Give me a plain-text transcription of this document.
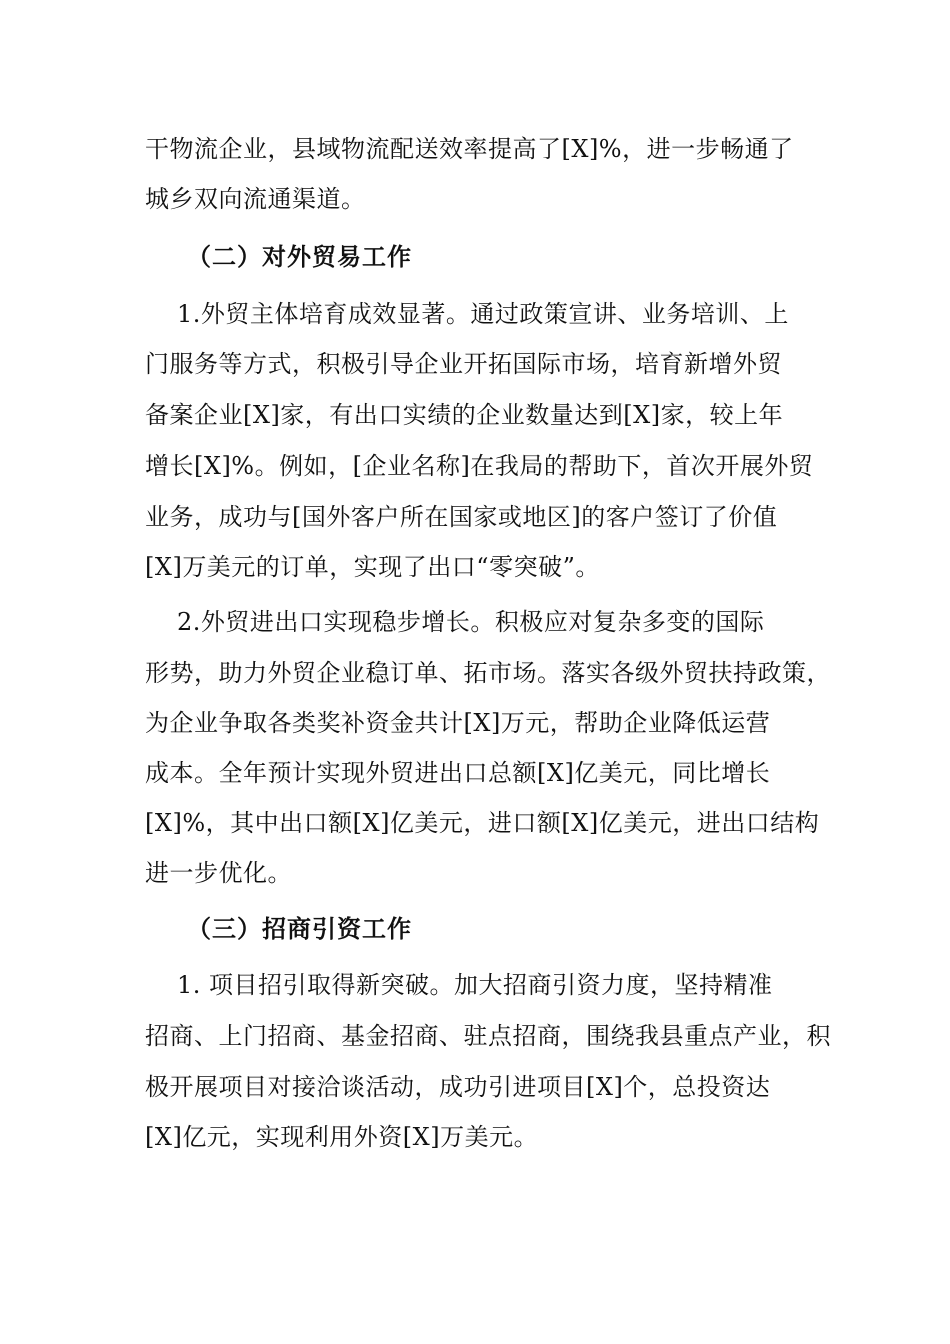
干物流企业，县域物流配送效率提高了[X]%，进一步畅通了
城乡双向流通渠道。
（二）对外贸易工作
1.外贸主体培育成效显著。通过政策宣讲、业务培训、上
门服务等方式，积极引导企业开拓国际市场，培育新增外贸
备案企业[X]家，有出口实绩的企业数量达到[X]家，较上年
增长[X]%。例如，[企业名称]在我局的帮助下，首次开展外贸
业务，成功与[国外客户所在国家或地区]的客户签订了价值
[X]万美元的订单，实现了出口“零突破”。
2.外贸进出口实现稳步增长。积极应对复杂多变的国际
形势，助力外贸企业稳订单、拓市场。落实各级外贸扶持政策，
为企业争取各类奖补资金共计[X]万元，帮助企业降低运营
成本。全年预计实现外贸进出口总额[X]亿美元，同比增长
[X]%，其中出口额[X]亿美元，进口额[X]亿美元，进出口结构
进一步优化。
（三）招商引资工作
1. 项目招引取得新突破。加大招商引资力度，坚持精准
招商、上门招商、基金招商、驻点招商，围绕我县重点产业，积
极开展项目对接洽谈活动，成功引进项目[X]个，总投资达
[X]亿元，实现利用外资[X]万美元。
